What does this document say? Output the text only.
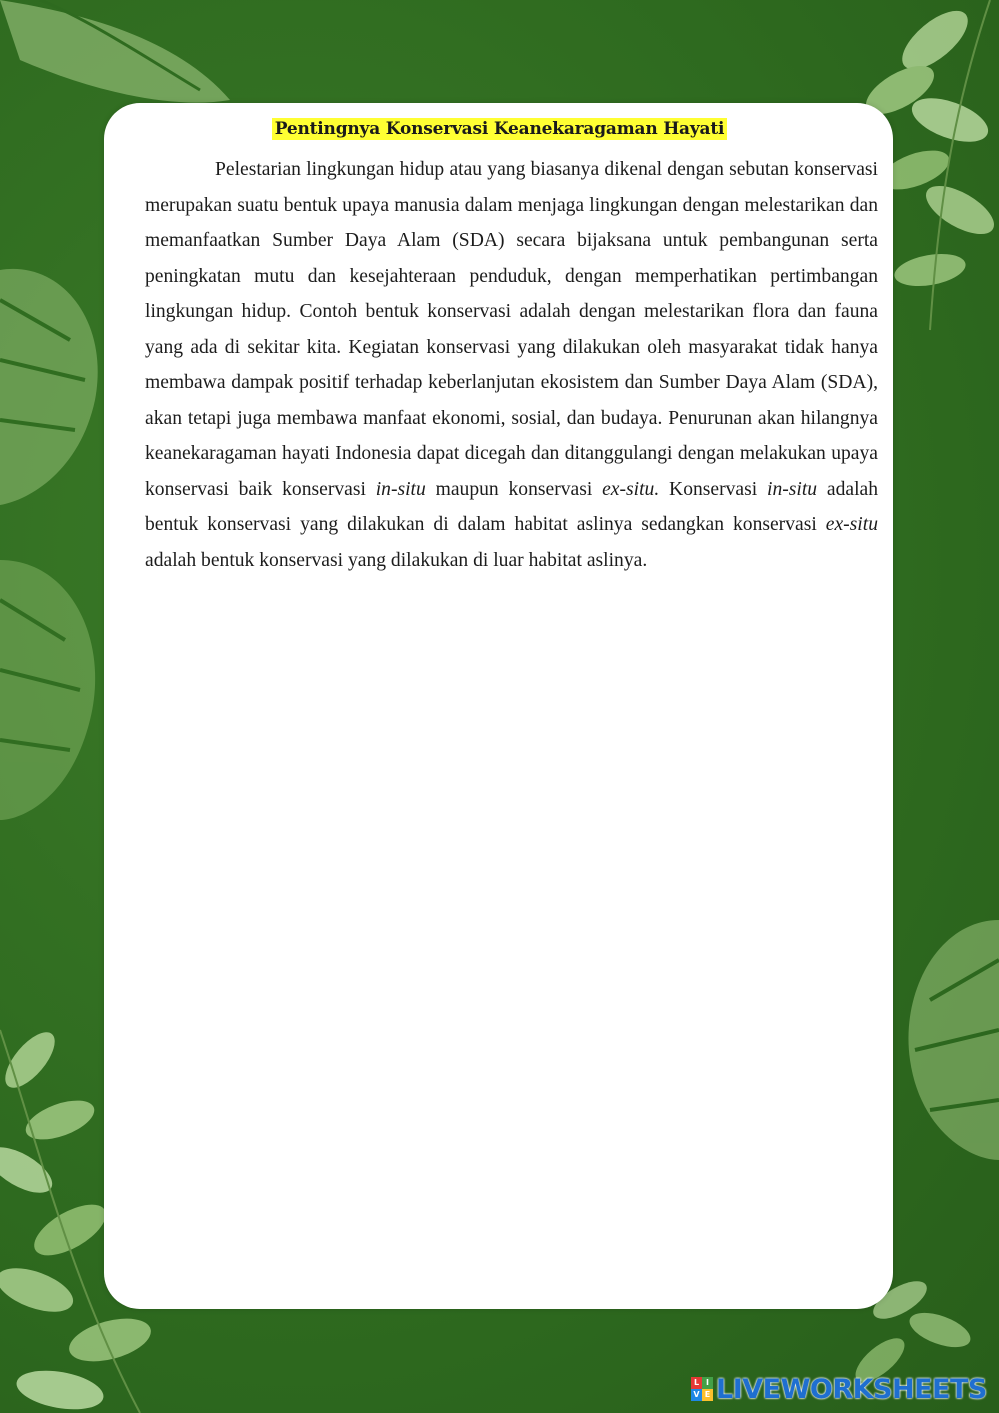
Pentingnya Konservasi Keanekaragaman Hayati

Pelestarian lingkungan hidup atau yang biasanya dikenal dengan sebutan konservasi merupakan suatu bentuk upaya manusia dalam menjaga lingkungan dengan melestarikan dan memanfaatkan Sumber Daya Alam (SDA) secara bijaksana untuk pembangunan serta peningkatan mutu dan kesejahteraan penduduk, dengan memperhatikan pertimbangan lingkungan hidup. Contoh bentuk konservasi adalah dengan melestarikan flora dan fauna yang ada di sekitar kita. Kegiatan konservasi yang dilakukan oleh masyarakat tidak hanya membawa dampak positif terhadap keberlanjutan ekosistem dan Sumber Daya Alam (SDA), akan tetapi juga membawa manfaat ekonomi, sosial, dan budaya. Penurunan akan hilangnya keanekaragaman hayati Indonesia dapat dicegah dan ditanggulangi dengan melakukan upaya konservasi baik konservasi in-situ maupun konservasi ex-situ. Konservasi in-situ adalah bentuk konservasi yang dilakukan di dalam habitat aslinya sedangkan konservasi ex-situ adalah bentuk konservasi yang dilakukan di luar habitat aslinya.

L I
V E LIVEWORKSHEETS
